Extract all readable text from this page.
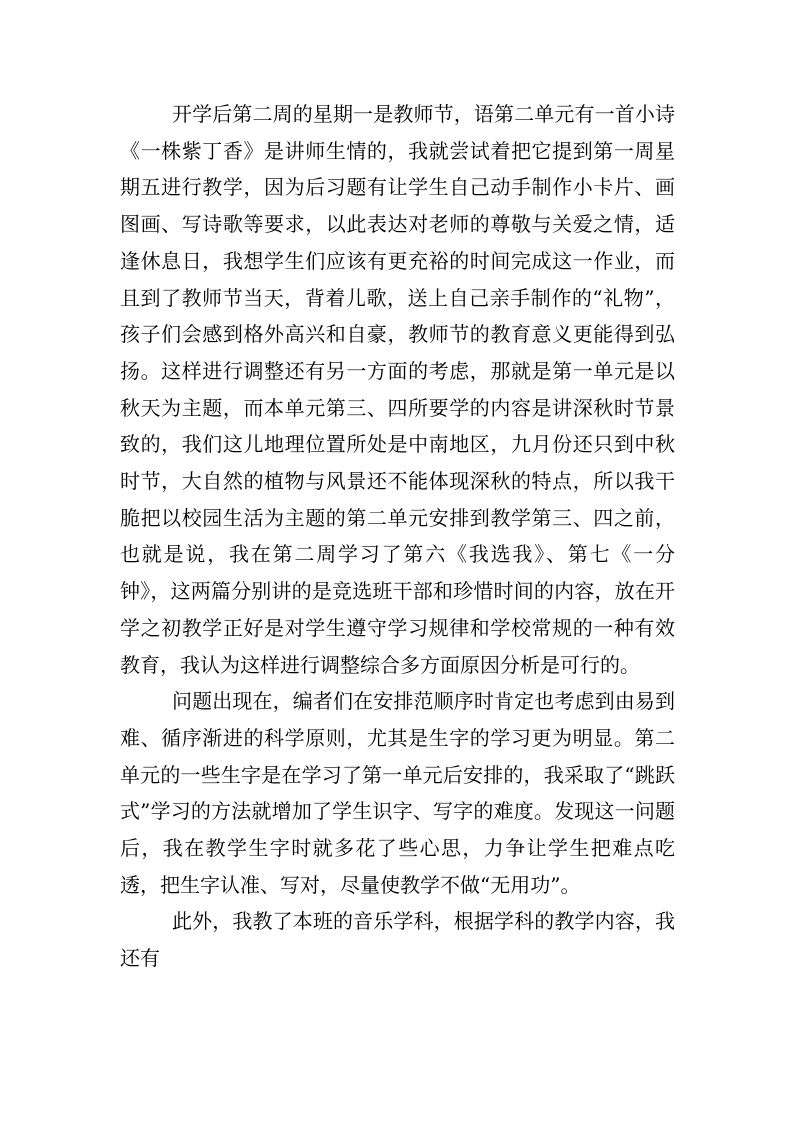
开学后第二周的星期一是教师节，语第二单元有一首小诗《一株紫丁香》是讲师生情的，我就尝试着把它提到第一周星期五进行教学，因为后习题有让学生自己动手制作小卡片、画图画、写诗歌等要求，以此表达对老师的尊敬与关爱之情，适逢休息日，我想学生们应该有更充裕的时间完成这一作业，而且到了教师节当天，背着儿歌，送上自己亲手制作的“礼物”，孩子们会感到格外高兴和自豪，教师节的教育意义更能得到弘扬。这样进行调整还有另一方面的考虑，那就是第一单元是以秋天为主题，而本单元第三、四所要学的内容是讲深秋时节景致的，我们这儿地理位置所处是中南地区，九月份还只到中秋时节，大自然的植物与风景还不能体现深秋的特点，所以我干脆把以校园生活为主题的第二单元安排到教学第三、四之前，也就是说，我在第二周学习了第六《我选我》、第七《一分钟》，这两篇分别讲的是竞选班干部和珍惜时间的内容，放在开学之初教学正好是对学生遵守学习规律和学校常规的一种有效教育，我认为这样进行调整综合多方面原因分析是可行的。

问题出现在，编者们在安排范顺序时肯定也考虑到由易到难、循序渐进的科学原则，尤其是生字的学习更为明显。第二单元的一些生字是在学习了第一单元后安排的，我采取了“跳跃式”学习的方法就增加了学生识字、写字的难度。发现这一问题后，我在教学生字时就多花了些心思，力争让学生把难点吃透，把生字认准、写对，尽量使教学不做“无用功”。

此外，我教了本班的音乐学科，根据学科的教学内容，我还有
